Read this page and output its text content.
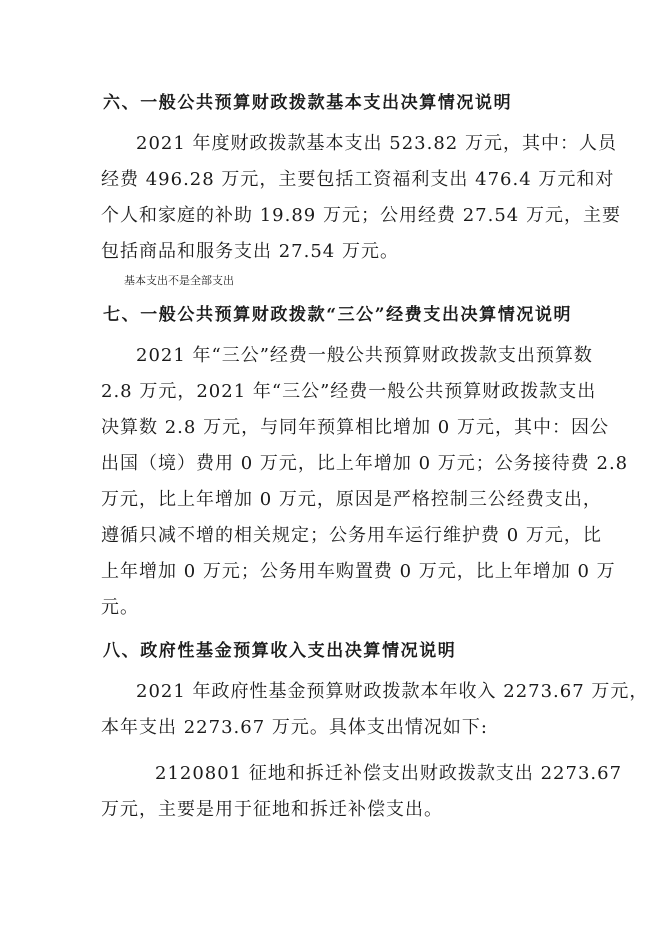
六、一般公共预算财政拨款基本支出决算情况说明
2021 年度财政拨款基本支出 523.82 万元，其中：人员
经费 496.28 万元，主要包括工资福利支出 476.4 万元和对
个人和家庭的补助 19.89 万元；公用经费 27.54 万元，主要
包括商品和服务支出 27.54 万元。
基本支出不是全部支出
七、一般公共预算财政拨款“三公”经费支出决算情况说明
2021 年“三公”经费一般公共预算财政拨款支出预算数
2.8 万元，2021 年“三公”经费一般公共预算财政拨款支出
决算数 2.8 万元，与同年预算相比增加 0 万元，其中：因公
出国（境）费用 0 万元，比上年增加 0 万元；公务接待费 2.8
万元，比上年增加 0 万元，原因是严格控制三公经费支出，
遵循只减不增的相关规定；公务用车运行维护费 0 万元，比
上年增加 0 万元；公务用车购置费 0 万元，比上年增加 0 万
元。
八、政府性基金预算收入支出决算情况说明
2021 年政府性基金预算财政拨款本年收入 2273.67 万元，
本年支出 2273.67 万元。具体支出情况如下:
2120801 征地和拆迁补偿支出财政拨款支出 2273.67
万元，主要是用于征地和拆迁补偿支出。
